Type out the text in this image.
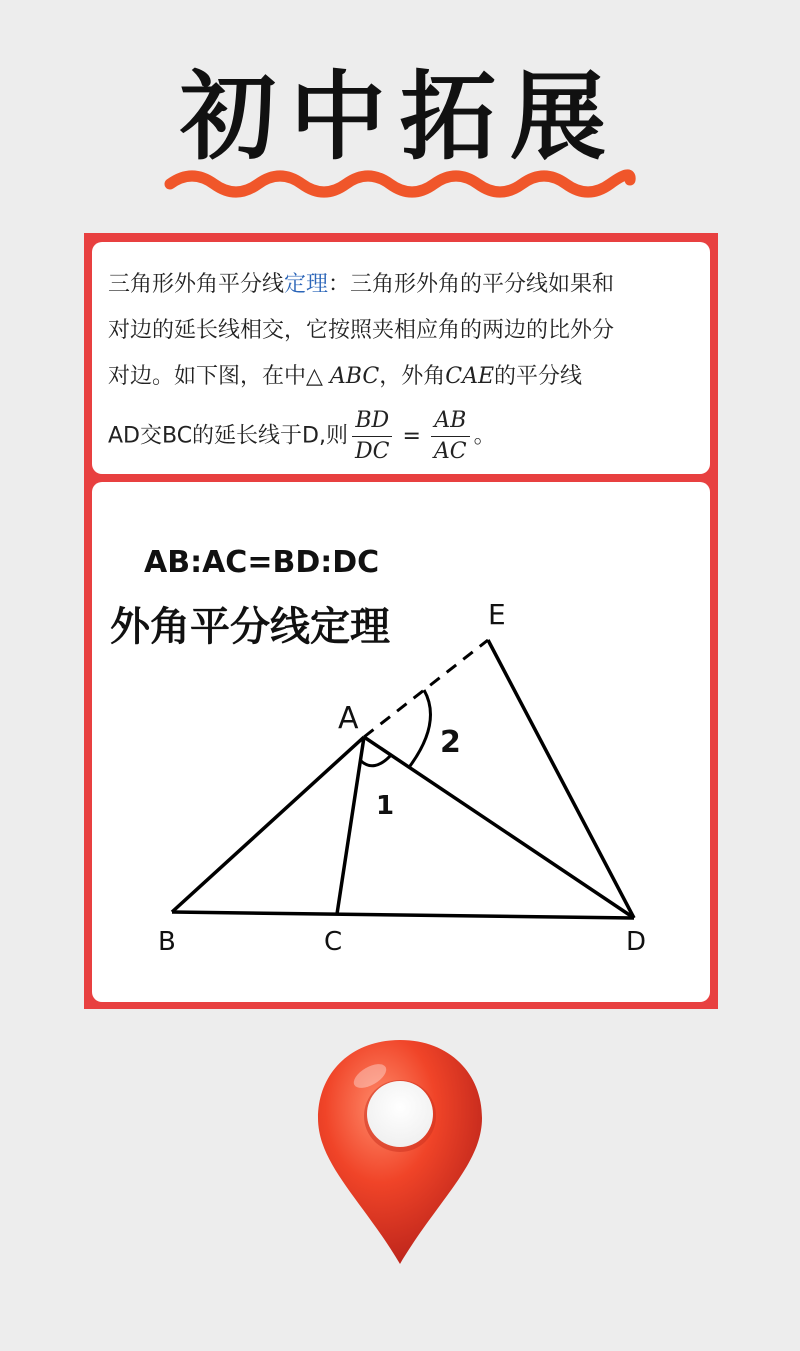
初中拓展
三角形外角平分线定理：三角形外角的平分线如果和
对边的延长线相交，它按照夹相应角的两边的比外分
对边。如下图，在中△ ABC，外角CAE的平分线
AD交BC的延长线于D,则 $\frac{BD}{DC} = \frac{AB}{AC}$ 。
AB:AC=BD:DC
外角平分线定理
A
B	C	D
E
1
2
